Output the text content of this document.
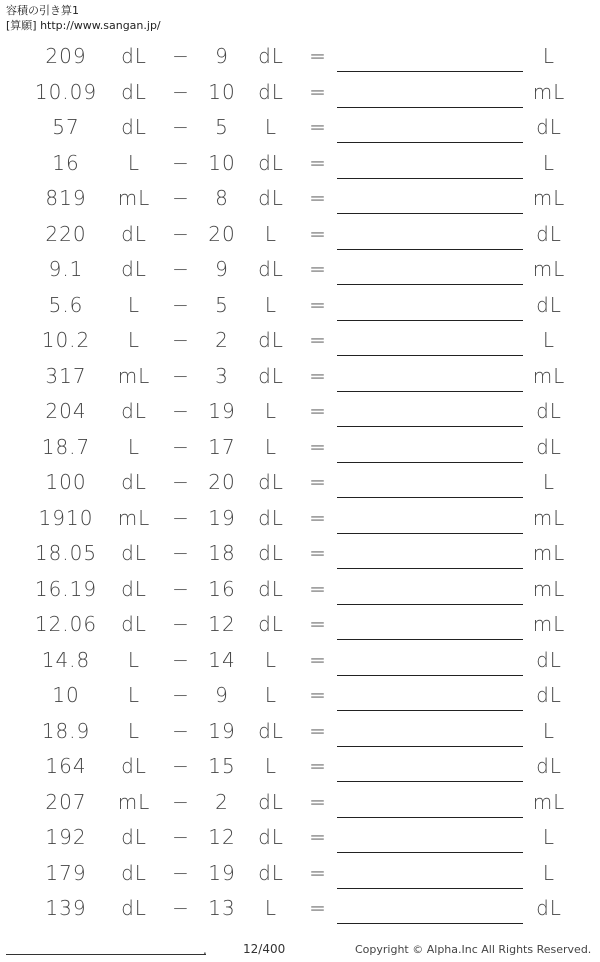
容積の引き算1
[算願] http://www.sangan.jp/
209	dL	−	9	dL	=	L
10.09	dL	− 10	dL	=	mL
57	dL	−	5	L	=	dL
16	L	− 10	dL	=	L
819	mL	−	8	dL	=	mL
220	dL	− 20	L	=	dL
9.1	dL	−	9	dL	=	mL
5.6	L	−	5	L	=	dL
10.2	L	−	2	dL	=	L
317	mL	−	3	dL	=	mL
204	dL	− 19	L	=	dL
18.7	L	− 17	L	=	dL
100	dL	− 20	dL	=	L
1910	mL	− 19	dL	=	mL
18.05	dL	− 18	dL	=	mL
16.19	dL	− 16	dL	=	mL
12.06	dL	− 12	dL	=	mL
14.8	L	− 14	L	=	dL
10	L	−	9	L	=	dL
18.9	L	− 19	dL	=	L
164	dL	− 15	L	=	dL
207	mL	−	2	dL	=	mL
192	dL	− 12	dL	=	L
179	dL	− 19	dL	=	L
139	dL	− 13	L	=	dL
.	12/400	Copyright © Alpha.Inc All Rights Reserved.
